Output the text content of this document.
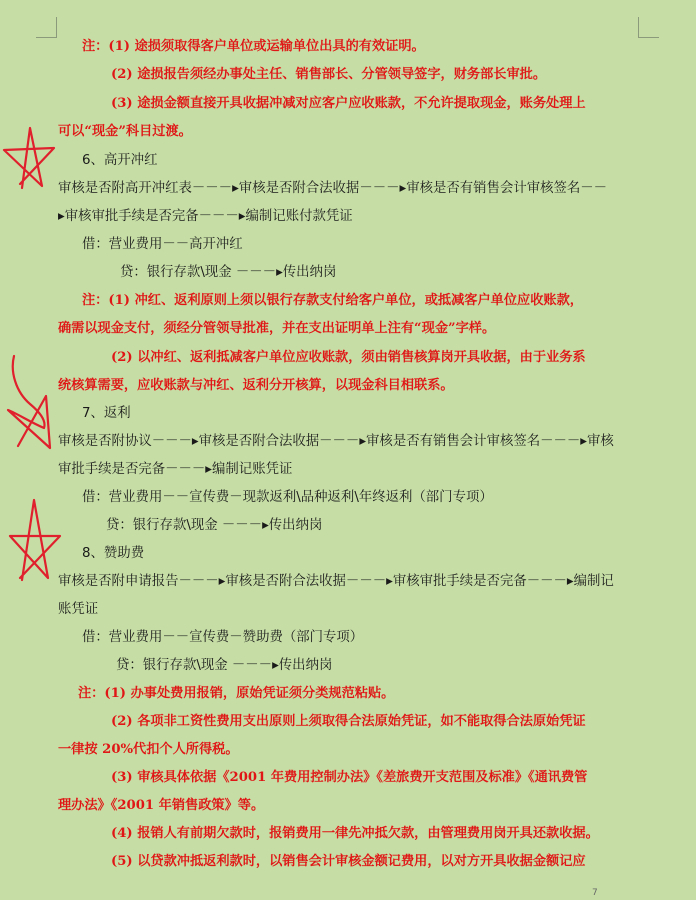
注：(1) 途损须取得客户单位或运输单位出具的有效证明。
(2) 途损报告须经办事处主任、销售部长、分管领导签字，财务部长审批。
(3) 途损金额直接开具收据冲减对应客户应收账款，不允许提取现金，账务处理上
可以“现金”科目过渡。
6、高开冲红
审核是否附高开冲红表－－－▸审核是否附合法收据－－－▸审核是否有销售会计审核签名－－
▸审核审批手续是否完备－－－▸编制记账付款凭证
借：营业费用－－高开冲红
贷：银行存款\现金 －－－▸传出纳岗
注：(1) 冲红、返利原则上须以银行存款支付给客户单位，或抵减客户单位应收账款，
确需以现金支付，须经分管领导批准，并在支出证明单上注有“现金”字样。
(2) 以冲红、返利抵减客户单位应收账款，须由销售核算岗开具收据，由于业务系
统核算需要，应收账款与冲红、返利分开核算，以现金科目相联系。
7、返利
审核是否附协议－－－▸审核是否附合法收据－－－▸审核是否有销售会计审核签名－－－▸审核
审批手续是否完备－－－▸编制记账凭证
借：营业费用－－宣传费－现款返利\品种返利\年终返利（部门专项）
贷：银行存款\现金 －－－▸传出纳岗
8、赞助费
审核是否附申请报告－－－▸审核是否附合法收据－－－▸审核审批手续是否完备－－－▸编制记
账凭证
借：营业费用－－宣传费－赞助费（部门专项）
贷：银行存款\现金 －－－▸传出纳岗
注：(1) 办事处费用报销，原始凭证须分类规范粘贴。
(2) 各项非工资性费用支出原则上须取得合法原始凭证，如不能取得合法原始凭证
一律按 20%代扣个人所得税。
(3) 审核具体依据《2001 年费用控制办法》《差旅费开支范围及标准》《通讯费管
理办法》《2001 年销售政策》等。
(4) 报销人有前期欠款时，报销费用一律先冲抵欠款，由管理费用岗开具还款收据。
(5) 以贷款冲抵返利款时，以销售会计审核金额记费用，以对方开具收据金额记应
7
